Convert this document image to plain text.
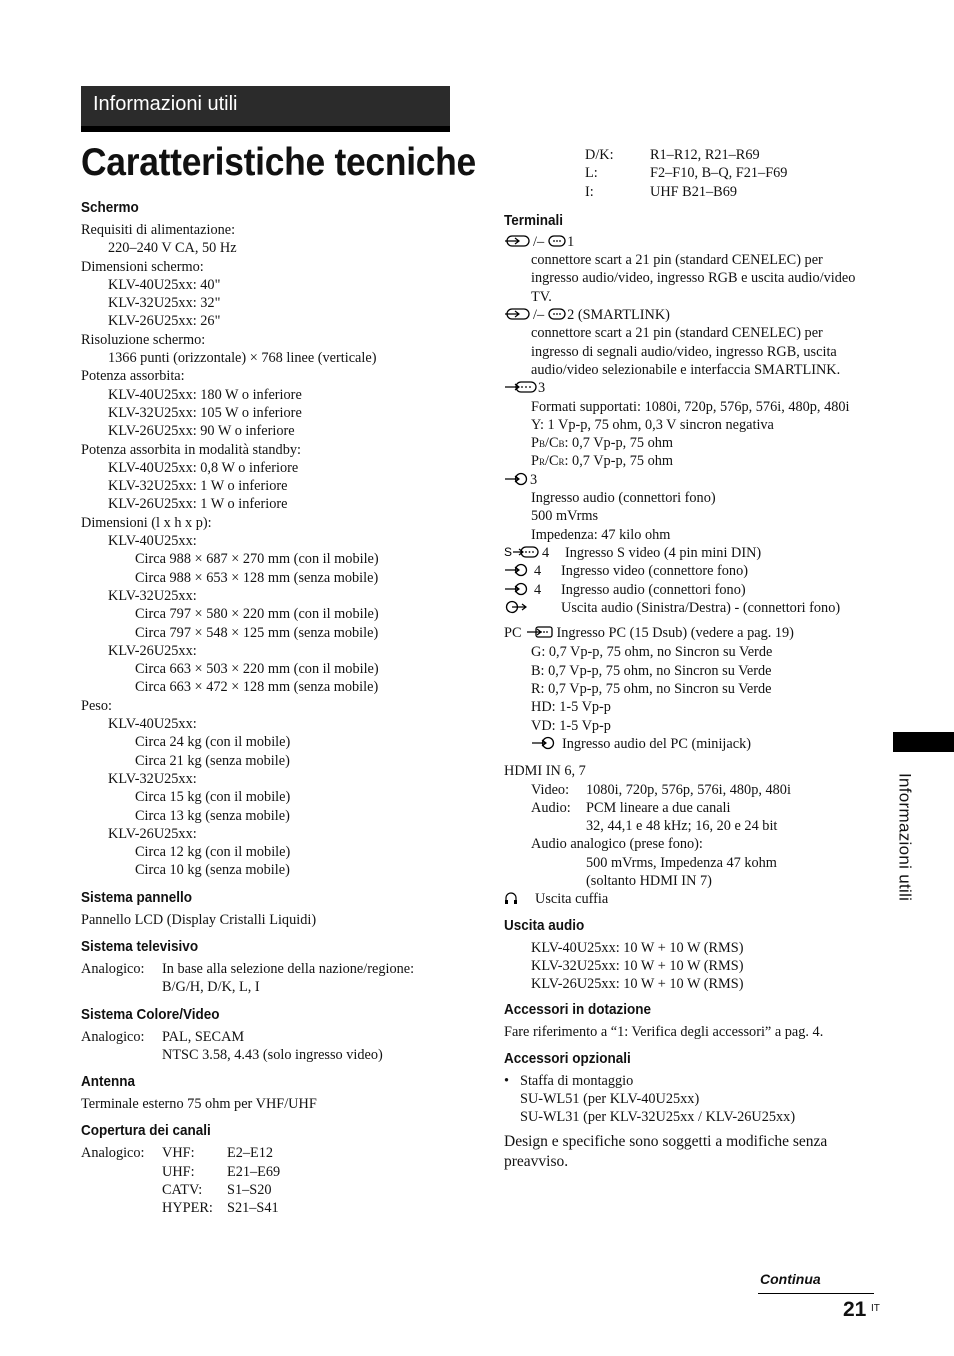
Informazioni utili
Caratteristiche tecniche
Schermo
Requisiti di alimentazione:
220–240 V CA, 50 Hz
Dimensioni schermo:
KLV-40U25xx: 40"
KLV-32U25xx: 32"
KLV-26U25xx: 26"
Risoluzione schermo:
1366 punti (orizzontale) × 768 linee (verticale)
Potenza assorbita:
KLV-40U25xx: 180 W o inferiore
KLV-32U25xx: 105 W o inferiore
KLV-26U25xx: 90 W o inferiore
Potenza assorbita in modalità standby:
KLV-40U25xx: 0,8 W o inferiore
KLV-32U25xx: 1 W o inferiore
KLV-26U25xx: 1 W o inferiore
Dimensioni (l x h x p):
KLV-40U25xx:
Circa 988 × 687 × 270 mm (con il mobile)
Circa 988 × 653 × 128 mm (senza mobile)
KLV-32U25xx:
Circa 797 × 580 × 220 mm (con il mobile)
Circa 797 × 548 × 125 mm (senza mobile)
KLV-26U25xx:
Circa 663 × 503 × 220 mm (con il mobile)
Circa 663 × 472 × 128 mm (senza mobile)
Peso:
KLV-40U25xx:
Circa 24 kg (con il mobile)
Circa 21 kg (senza mobile)
KLV-32U25xx:
Circa 15 kg (con il mobile)
Circa 13 kg (senza mobile)
KLV-26U25xx:
Circa 12 kg (con il mobile)
Circa 10 kg (senza mobile)
Sistema pannello
Pannello LCD (Display Cristalli Liquidi)
Sistema televisivo
Analogico: In base alla selezione della nazione/regione:
B/G/H, D/K, L, I
Sistema Colore/Video
Analogico: PAL, SECAM
NTSC 3.58, 4.43 (solo ingresso video)
Antenna
Terminale esterno 75 ohm per VHF/UHF
Copertura dei canali
Analogico: VHF: E2–E12
UHF: E21–E69
CATV: S1–S20
HYPER: S21–S41
D/K:	R1–R12, R21–R69
L:	F2–F10, B–Q, F21–F69
I:	UHF B21–B69
Terminali
/– 1
connettore scart a 21 pin (standard CENELEC) per
ingresso audio/video, ingresso RGB e uscita audio/video
TV.
/– 2 (SMARTLINK)
connettore scart a 21 pin (standard CENELEC) per
ingresso di segnali audio/video, ingresso RGB, uscita
audio/video selezionabile e interfaccia SMARTLINK.
3
Formati supportati: 1080i, 720p, 576p, 576i, 480p, 480i
Y: 1 Vp-p, 75 ohm, 0,3 V sincron negativa
PB/CB: 0,7 Vp-p, 75 ohm
PR/CR: 0,7 Vp-p, 75 ohm
3
Ingresso audio (connettori fono)
500 mVrms
Impedenza: 47 kilo ohm
S 4 Ingresso S video (4 pin mini DIN)
4 Ingresso video (connettore fono)
4 Ingresso audio (connettori fono)
Uscita audio (Sinistra/Destra) - (connettori fono)
PC Ingresso PC (15 Dsub) (vedere a pag. 19)
G: 0,7 Vp-p, 75 ohm, no Sincron su Verde
B: 0,7 Vp-p, 75 ohm, no Sincron su Verde
R: 0,7 Vp-p, 75 ohm, no Sincron su Verde
HD: 1-5 Vp-p
VD: 1-5 Vp-p
Ingresso audio del PC (minijack)
HDMI IN 6, 7
Video: 1080i, 720p, 576p, 576i, 480p, 480i
Audio: PCM lineare a due canali
32, 44,1 e 48 kHz; 16, 20 e 24 bit
Audio analogico (prese fono):
500 mVrms, Impedenza 47 kohm
(soltanto HDMI IN 7)
Uscita cuffia
Uscita audio
KLV-40U25xx: 10 W + 10 W (RMS)
KLV-32U25xx: 10 W + 10 W (RMS)
KLV-26U25xx: 10 W + 10 W (RMS)
Accessori in dotazione
Fare riferimento a “1: Verifica degli accessori” a pag. 4.
Accessori opzionali
• Staffa di montaggio
SU-WL51 (per KLV-40U25xx)
SU-WL31 (per KLV-32U25xx / KLV-26U25xx)
Design e specifiche sono soggetti a modifiche senza
preavviso.
Informazioni utili
Continua
21 IT
